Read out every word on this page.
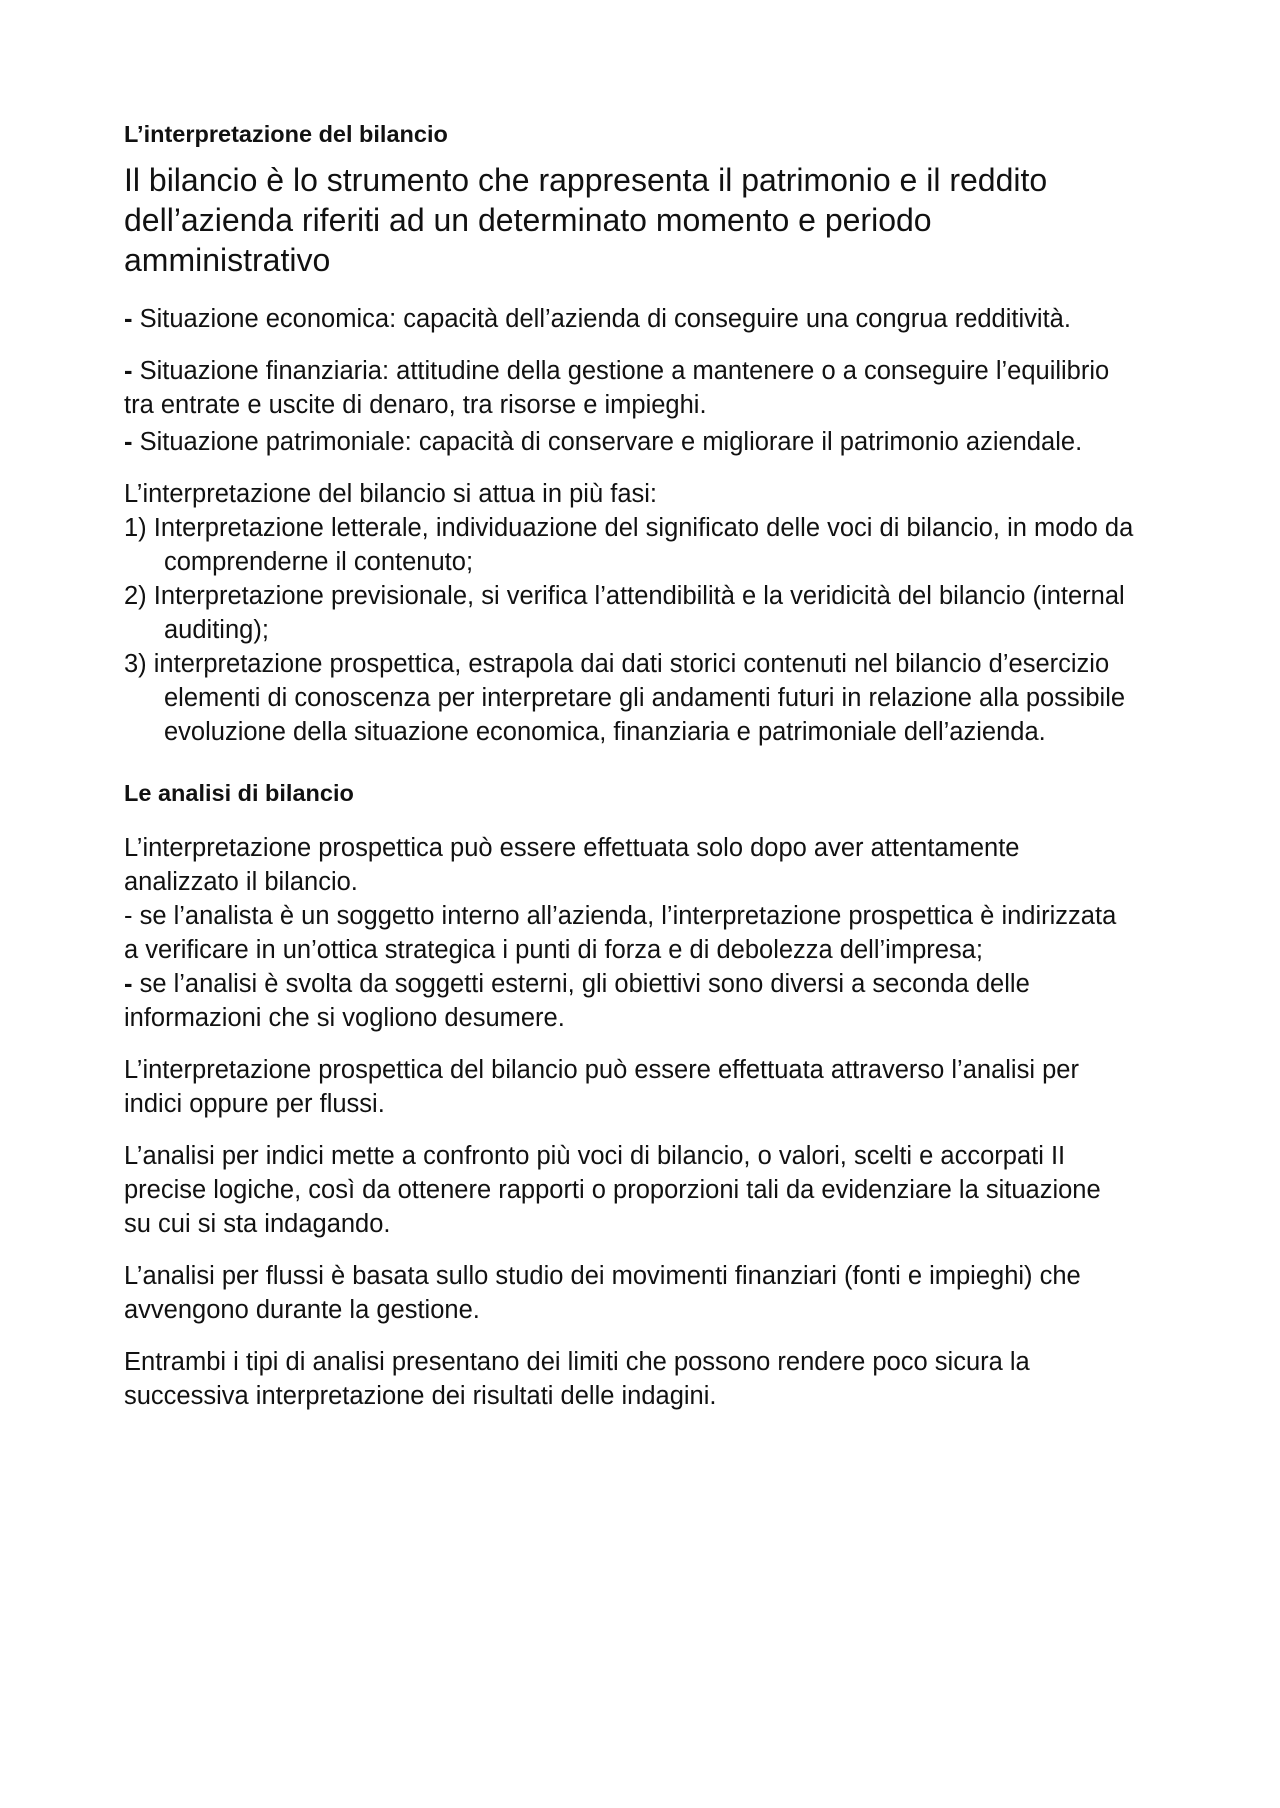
L’interpretazione del bilancio

Il bilancio è lo strumento che rappresenta il patrimonio e il reddito dell’azienda riferiti ad un determinato momento e periodo amministrativo

- Situazione economica: capacità dell’azienda di conseguire una congrua redditività.

- Situazione finanziaria: attitudine della gestione a mantenere o a conseguire l’equilibrio tra entrate e uscite di denaro, tra risorse e impieghi.

- Situazione patrimoniale: capacità di conservare e migliorare il patrimonio aziendale.

L’interpretazione del bilancio si attua in più fasi:

1) Interpretazione letterale, individuazione del significato delle voci di bilancio, in modo da comprenderne il contenuto;
2) Interpretazione previsionale, si verifica l’attendibilità e la veridicità del bilancio (internal auditing);
3) interpretazione prospettica, estrapola dai dati storici contenuti nel bilancio d’esercizio elementi di conoscenza per interpretare gli andamenti futuri in relazione alla possibile evoluzione della situazione economica, finanziaria e patrimoniale dell’azienda.
Le analisi di bilancio

L’interpretazione prospettica può essere effettuata solo dopo aver attentamente analizzato il bilancio.

- se l’analista è un soggetto interno all’azienda, l’interpretazione prospettica è indirizzata a verificare in un’ottica strategica i punti di forza e di debolezza dell’impresa;

- se l’analisi è svolta da soggetti esterni, gli obiettivi sono diversi a seconda delle informazioni che si vogliono desumere.

L’interpretazione prospettica del bilancio può essere effettuata attraverso l’analisi per indici oppure per flussi.

L’analisi per indici mette a confronto più voci di bilancio, o valori, scelti e accorpati II precise logiche, così da ottenere rapporti o proporzioni tali da evidenziare la situazione su cui si sta indagando.

L’analisi per flussi è basata sullo studio dei movimenti finanziari (fonti e impieghi) che avvengono durante la gestione.

Entrambi i tipi di analisi presentano dei limiti che possono rendere poco sicura la successiva interpretazione dei risultati delle indagini.
